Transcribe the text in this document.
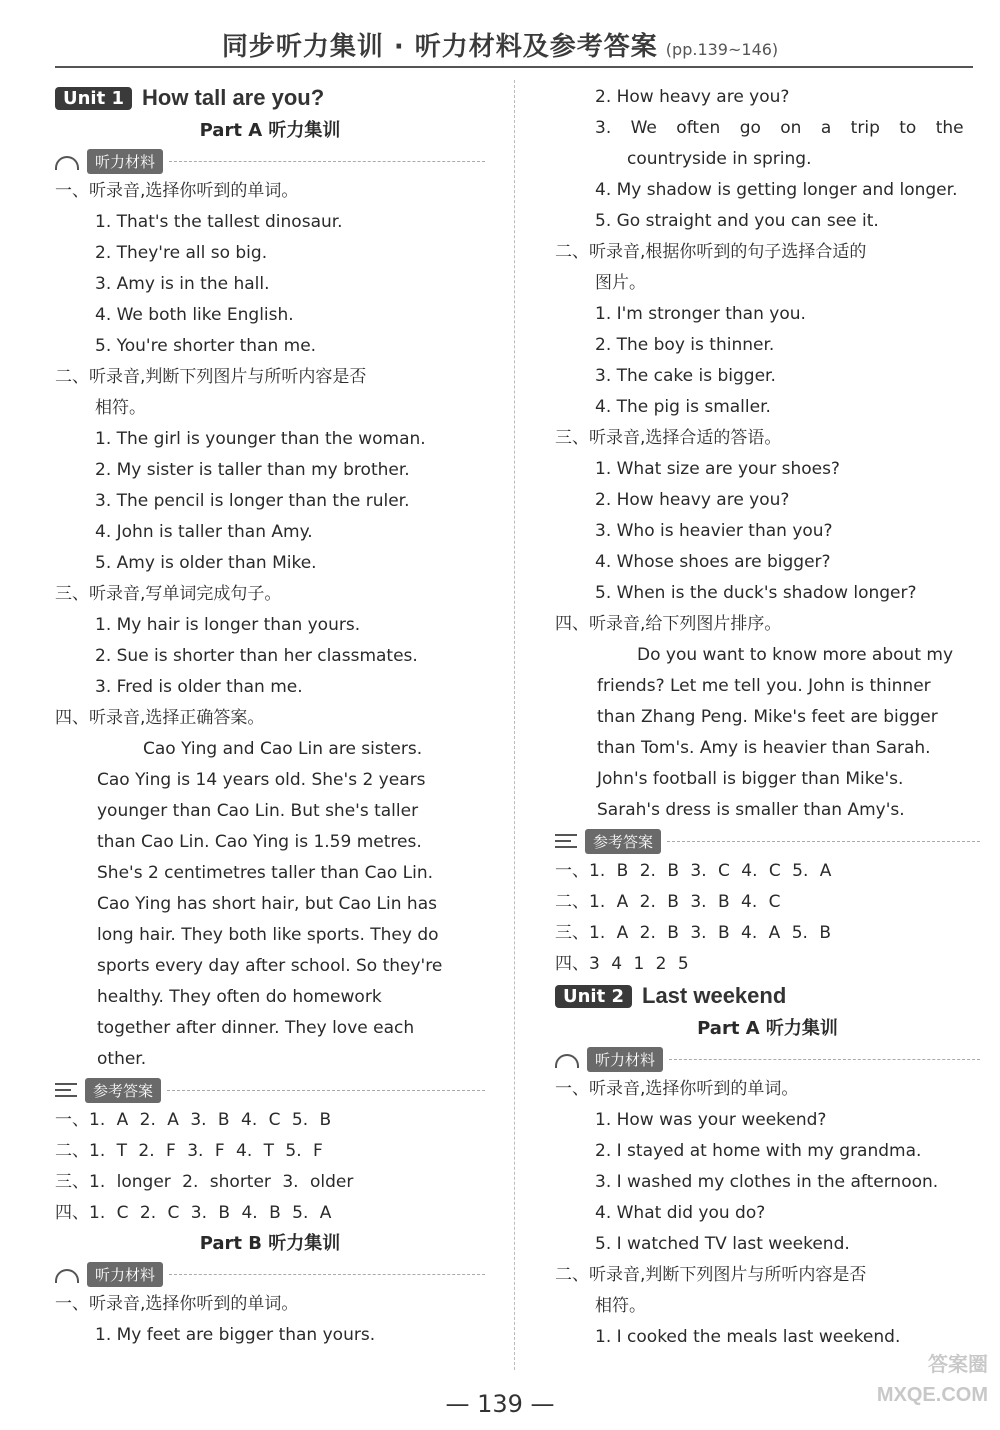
同步听力集训 · 听力材料及参考答案 (pp.139~146)
Unit 1 How tall are you?
Part A 听力集训
听力材料
一、听录音,选择你听到的单词。
1. That's the tallest dinosaur.
2. They're all so big.
3. Amy is in the hall.
4. We both like English.
5. You're shorter than me.
二、听录音,判断下列图片与所听内容是否
相符。
1. The girl is younger than the woman.
2. My sister is taller than my brother.
3. The pencil is longer than the ruler.
4. John is taller than Amy.
5. Amy is older than Mike.
三、听录音,写单词完成句子。
1. My hair is longer than yours.
2. Sue is shorter than her classmates.
3. Fred is older than me.
四、听录音,选择正确答案。
Cao Ying and Cao Lin are sisters.
Cao Ying is 14 years old. She's 2 years
younger than Cao Lin. But she's taller
than Cao Lin. Cao Ying is 1.59 metres.
She's 2 centimetres taller than Cao Lin.
Cao Ying has short hair, but Cao Lin has
long hair. They both like sports. They do
sports every day after school. So they're
healthy. They often do homework
together after dinner. They love each
other.
参考答案
一、1. A 2. A 3. B 4. C 5. B
二、1. T 2. F 3. F 4. T 5. F
三、1. longer 2. shorter 3. older
四、1. C 2. C 3. B 4. B 5. A
Part B 听力集训
听力材料
一、听录音,选择你听到的单词。
1. My feet are bigger than yours.
2. How heavy are you?
3. We often go on a trip to the
countryside in spring.
4. My shadow is getting longer and longer.
5. Go straight and you can see it.
二、听录音,根据你听到的句子选择合适的
图片。
1. I'm stronger than you.
2. The boy is thinner.
3. The cake is bigger.
4. The pig is smaller.
三、听录音,选择合适的答语。
1. What size are your shoes?
2. How heavy are you?
3. Who is heavier than you?
4. Whose shoes are bigger?
5. When is the duck's shadow longer?
四、听录音,给下列图片排序。
Do you want to know more about my
friends? Let me tell you. John is thinner
than Zhang Peng. Mike's feet are bigger
than Tom's. Amy is heavier than Sarah.
John's football is bigger than Mike's.
Sarah's dress is smaller than Amy's.
参考答案
一、1. B 2. B 3. C 4. C 5. A
二、1. A 2. B 3. B 4. C
三、1. A 2. B 3. B 4. A 5. B
四、3 4 1 2 5
Unit 2 Last weekend
Part A 听力集训
听力材料
一、听录音,选择你听到的单词。
1. How was your weekend?
2. I stayed at home with my grandma.
3. I washed my clothes in the afternoon.
4. What did you do?
5. I watched TV last weekend.
二、听录音,判断下列图片与所听内容是否
相符。
1. I cooked the meals last weekend.
— 139 —
答案圈
MXQE.COM
